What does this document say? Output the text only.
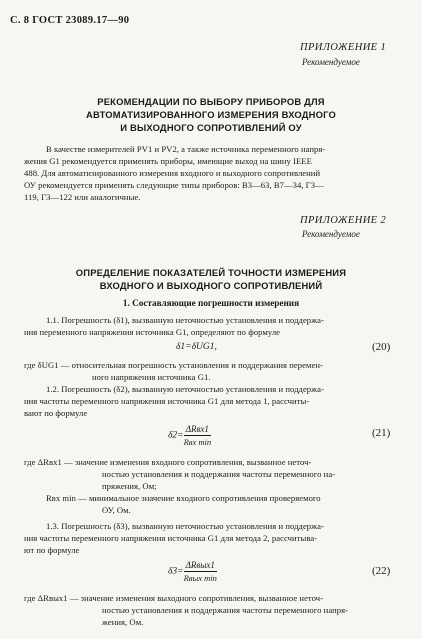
С. 8 ГОСТ 23089.17—90
ПРИЛОЖЕНИЕ 1
Рекомендуемое
РЕКОМЕНДАЦИИ ПО ВЫБОРУ ПРИБОРОВ ДЛЯ
АВТОМАТИЗИРОВАННОГО ИЗМЕРЕНИЯ ВХОДНОГО
И ВЫХОДНОГО СОПРОТИВЛЕНИЙ ОУ
В качестве измерителей PV1 и PV2, а также источника переменного напря-
жения G1 рекомендуется применять приборы, имеющие выход на шину IEEE
488. Для автоматизированного измерения входного и выходного сопротивлений
ОУ рекомендуется применять следующие типы приборов: В3—63, В7—34, Г3—
119, Г3—122 или аналогичные.
ПРИЛОЖЕНИЕ 2
Рекомендуемое
ОПРЕДЕЛЕНИЕ ПОКАЗАТЕЛЕЙ ТОЧНОСТИ ИЗМЕРЕНИЯ
ВХОДНОГО И ВЫХОДНОГО СОПРОТИВЛЕНИЙ
1. Составляющие погрешности измерения
1.1. Погрешность (δ1), вызванную неточностью установления и поддержа-
ния переменного напряжения источника G1, определяют по формуле
δ1=δUG1,	(20)
где δUG1 — относительная погрешность установления и поддержания перемен-
ного напряжения источника G1.
1.2. Погрешность (δ2), вызванную неточностью установления и поддержа-
ния частоты переменного напряжения источника G1 для метода 1, рассчиты-
вают по формуле
$\delta 2= \frac{\text{ΔRвх1}}{\text{Rвх min}}$	(21)
где ΔRвх1 — значение изменения входного сопротивления, вызванное неточ-
ностью установления и поддержания частоты переменного на-
пряжения, Ом;
Rвх min — минимальное значение входного сопротивления проверяемого
ОУ, Ом.
1.3. Погрешность (δ3), вызванную неточностью установления и поддержа-
ния частоты переменного напряжения источника G1 для метода 2, рассчитыва-
ют по формуле
$\delta 3= \frac{\text{ΔRвых1}}{\text{Rвых min}}$	(22)
где ΔRвых1 — значение изменения выходного сопротивления, вызванное неточ-
ностью установления и поддержания частоты переменного напря-
жения, Ом.
